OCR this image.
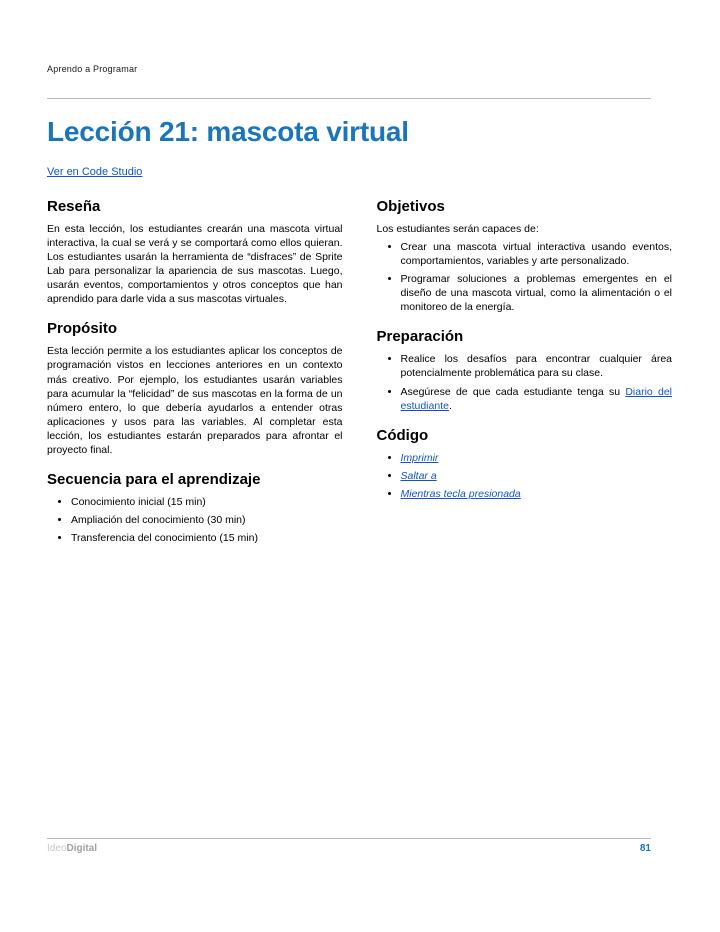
Aprendo a Programar
Lección 21: mascota virtual
Ver en Code Studio
Reseña

En esta lección, los estudiantes crearán una mascota virtual interactiva, la cual se verá y se comportará como ellos quieran. Los estudiantes usarán la herramienta de “disfraces” de Sprite Lab para personalizar la apariencia de sus mascotas. Luego, usarán eventos, comportamientos y otros conceptos que han aprendido para darle vida a sus mascotas virtuales.

Propósito

Esta lección permite a los estudiantes aplicar los conceptos de programación vistos en lecciones anteriores en un contexto más creativo. Por ejemplo, los estudiantes usarán variables para acumular la “felicidad” de sus mascotas en la forma de un número entero, lo que debería ayudarlos a entender otras aplicaciones y usos para las variables. Al completar esta lección, los estudiantes estarán preparados para afrontar el proyecto final.

Secuencia para el aprendizaje
• Conocimiento inicial (15 min)
• Ampliación del conocimiento (30 min)
• Transferencia del conocimiento (15 min)
Objetivos

Los estudiantes serán capaces de:

• Crear una mascota virtual interactiva usando eventos, comportamientos, variables y arte personalizado.
• Programar soluciones a problemas emergentes en el diseño de una mascota virtual, como la alimentación o el monitoreo de la energía.
Preparación
• Realice los desafíos para encontrar cualquier área potencialmente problemática para su clase.
• Asegúrese de que cada estudiante tenga su Diario del estudiante.
Código
• Imprimir
• Saltar a
• Mientras tecla presionada
IdeoDigital	81
